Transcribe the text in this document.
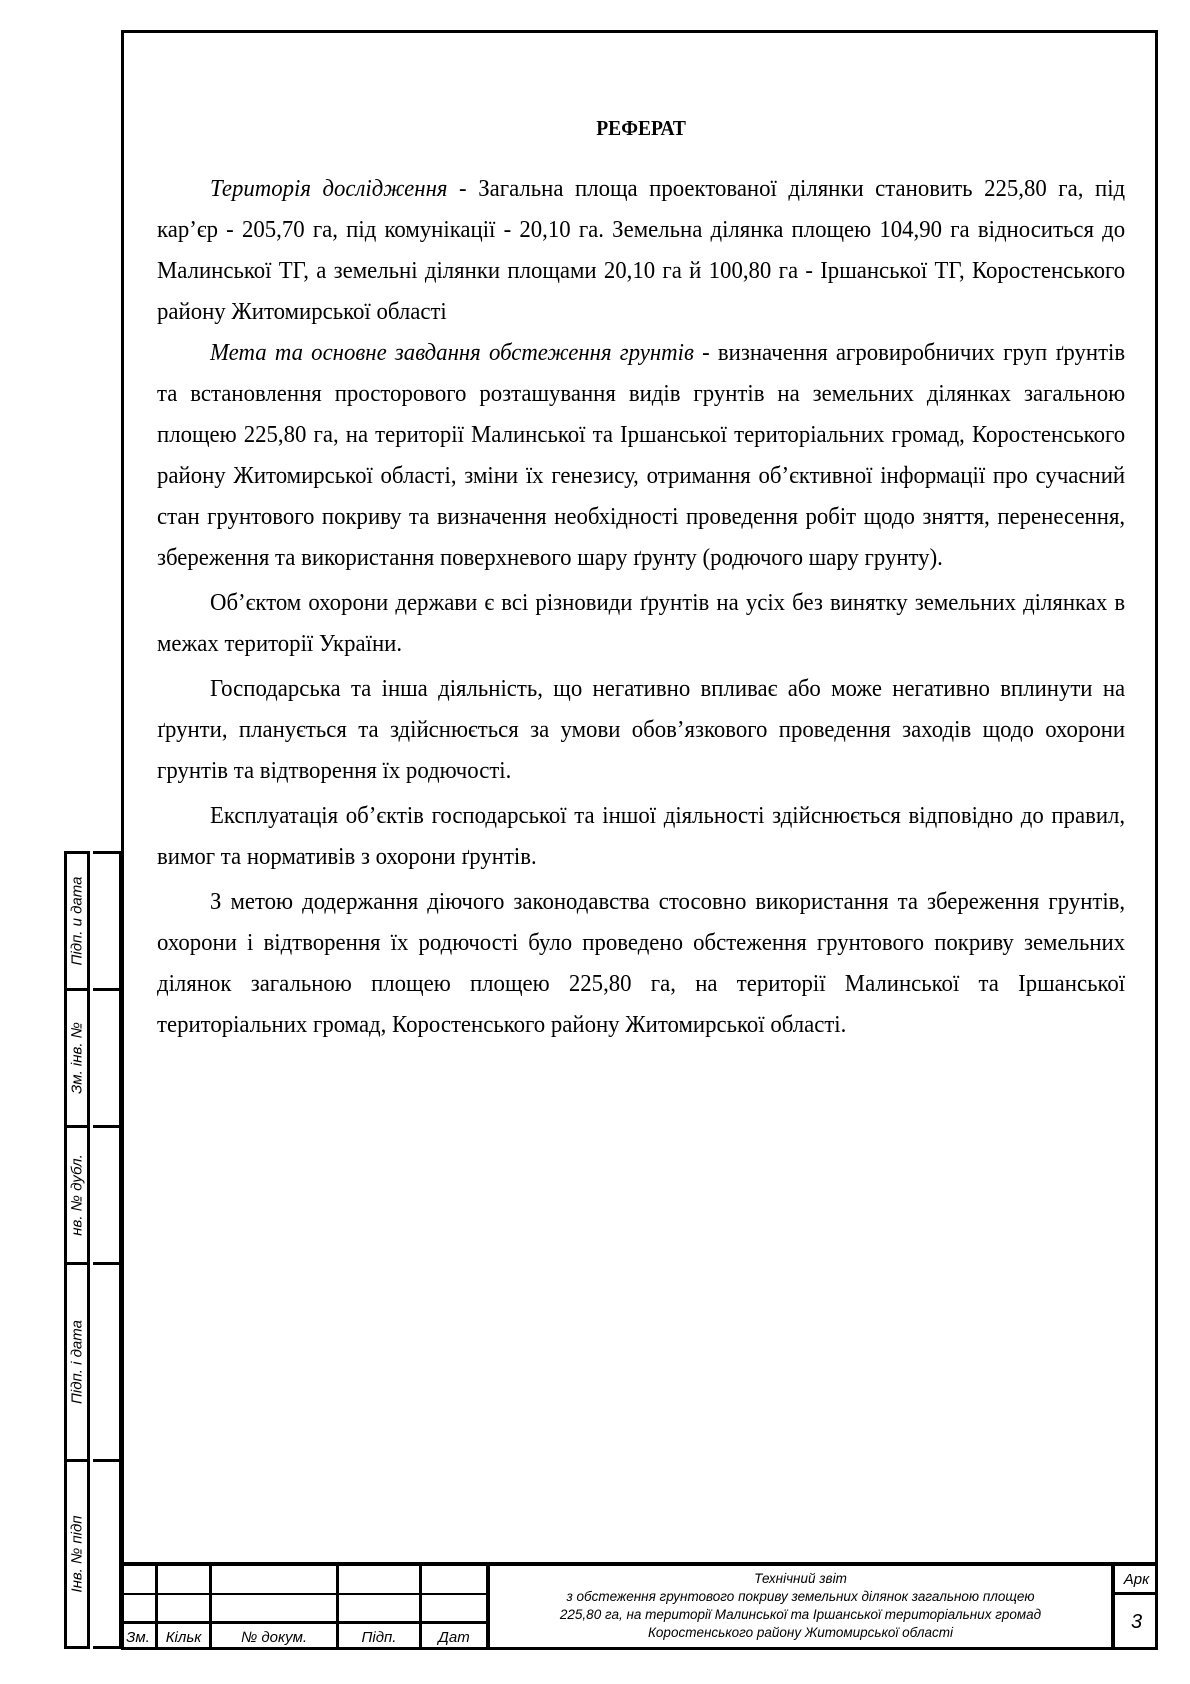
РЕФЕРАТ

Територія дослідження - Загальна площа проектованої ділянки становить 225,80 га, під кар’єр - 205,70 га, під комунікації - 20,10 га. Земельна ділянка площею 104,90 га відноситься до Малинської ТГ, а земельні ділянки площами 20,10 га й 100,80 га - Іршанської ТГ, Коростенського району Житомирської області

Мета та основне завдання обстеження грунтів - визначення агровиробничих груп ґрунтів та встановлення просторового розташування видів грунтів на земельних ділянках загальною площею 225,80 га, на території Малинської та Іршанської територіальних громад, Коростенського району Житомирської області, зміни їх генезису, отримання об’єктивної інформації про сучасний стан грунтового покриву та визначення необхідності проведення робіт щодо зняття, перенесення, збереження та використання поверхневого шару ґрунту (родючого шару грунту).

Об’єктом охорони держави є всі різновиди ґрунтів на усіх без винятку земельних ділянках в межах території України.

Господарська та інша діяльність, що негативно впливає або може негативно вплинути на ґрунти, планується та здійснюється за умови обов’язкового проведення заходів щодо охорони грунтів та відтворення їх родючості.

Експлуатація об’єктів господарської та іншої діяльності здійснюється відповідно до правил, вимог та нормативів з охорони ґрунтів.

З метою додержання діючого законодавства стосовно використання та збереження грунтів, охорони і відтворення їх родючості було проведено обстеження грунтового покриву земельних ділянок загальною площею площею 225,80 га, на території Малинської та Іршанської територіальних громад, Коростенського району Житомирської області.

Підп. и дата
Зм. інв. №
нв. № дубл.
Підп. і дата
Інв. № підп
Зм.	Кільк	№ докум.	Підп.	Дат
Технічний звіт
з обстеження грунтового покриву земельних ділянок загальною площею
225,80 га, на території Малинської та Іршанської територіальних громад
Коростенського району Житомирської області
Арк
3
